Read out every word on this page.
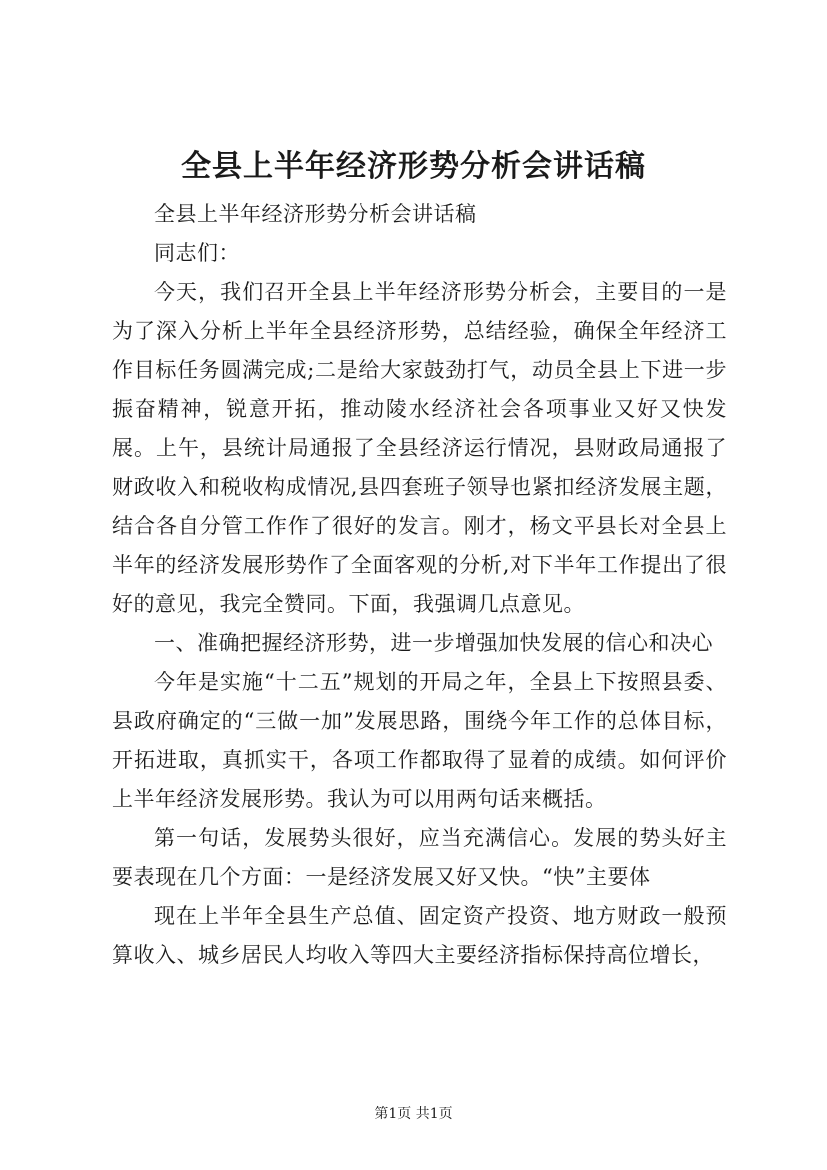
全县上半年经济形势分析会讲话稿

全县上半年经济形势分析会讲话稿

同志们：

今天，我们召开全县上半年经济形势分析会，主要目的一是为了深入分析上半年全县经济形势，总结经验，确保全年经济工作目标任务圆满完成;二是给大家鼓劲打气，动员全县上下进一步振奋精神，锐意开拓，推动陵水经济社会各项事业又好又快发展。上午，县统计局通报了全县经济运行情况，县财政局通报了财政收入和税收构成情况,县四套班子领导也紧扣经济发展主题，结合各自分管工作作了很好的发言。刚才，杨文平县长对全县上半年的经济发展形势作了全面客观的分析,对下半年工作提出了很好的意见，我完全赞同。下面，我强调几点意见。

一、准确把握经济形势，进一步增强加快发展的信心和决心

今年是实施“十二五”规划的开局之年，全县上下按照县委、县政府确定的“三做一加”发展思路，围绕今年工作的总体目标，开拓进取，真抓实干，各项工作都取得了显着的成绩。如何评价上半年经济发展形势。我认为可以用两句话来概括。

第一句话，发展势头很好，应当充满信心。发展的势头好主要表现在几个方面：一是经济发展又好又快。“快”主要体

现在上半年全县生产总值、固定资产投资、地方财政一般预算收入、城乡居民人均收入等四大主要经济指标保持高位增长，

第1页 共1页
